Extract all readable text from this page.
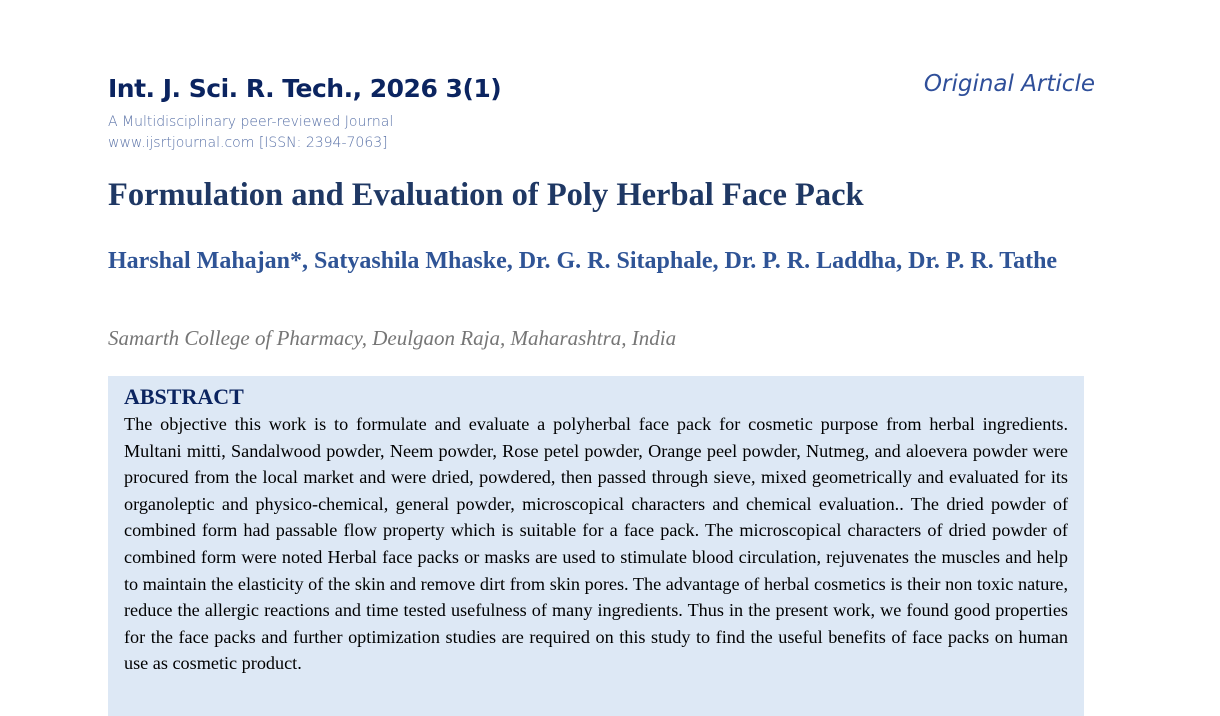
Int. J. Sci. R. Tech., 2026 3(1)
A Multidisciplinary peer-reviewed Journal
www.ijsrtjournal.com [ISSN: 2394-7063]
Original Article
Formulation and Evaluation of Poly Herbal Face Pack
Harshal Mahajan*, Satyashila Mhaske, Dr. G. R. Sitaphale, Dr. P. R. Laddha, Dr. P. R. Tathe
Samarth College of Pharmacy, Deulgaon Raja, Maharashtra, India
ABSTRACT

The objective this work is to formulate and evaluate a polyherbal face pack for cosmetic purpose from herbal ingredients. Multani mitti, Sandalwood powder, Neem powder, Rose petel powder, Orange peel powder, Nutmeg, and aloevera powder were procured from the local market and were dried, powdered, then passed through sieve, mixed geometrically and evaluated for its organoleptic and physico-chemical, general powder, microscopical characters and chemical evaluation.. The dried powder of combined form had passable flow property which is suitable for a face pack. The microscopical characters of dried powder of combined form were noted Herbal face packs or masks are used to stimulate blood circulation, rejuvenates the muscles and help to maintain the elasticity of the skin and remove dirt from skin pores. The advantage of herbal cosmetics is their non toxic nature, reduce the allergic reactions and time tested usefulness of many ingredients. Thus in the present work, we found good properties for the face packs and further optimization studies are required on this study to find the useful benefits of face packs on human use as cosmetic product.
